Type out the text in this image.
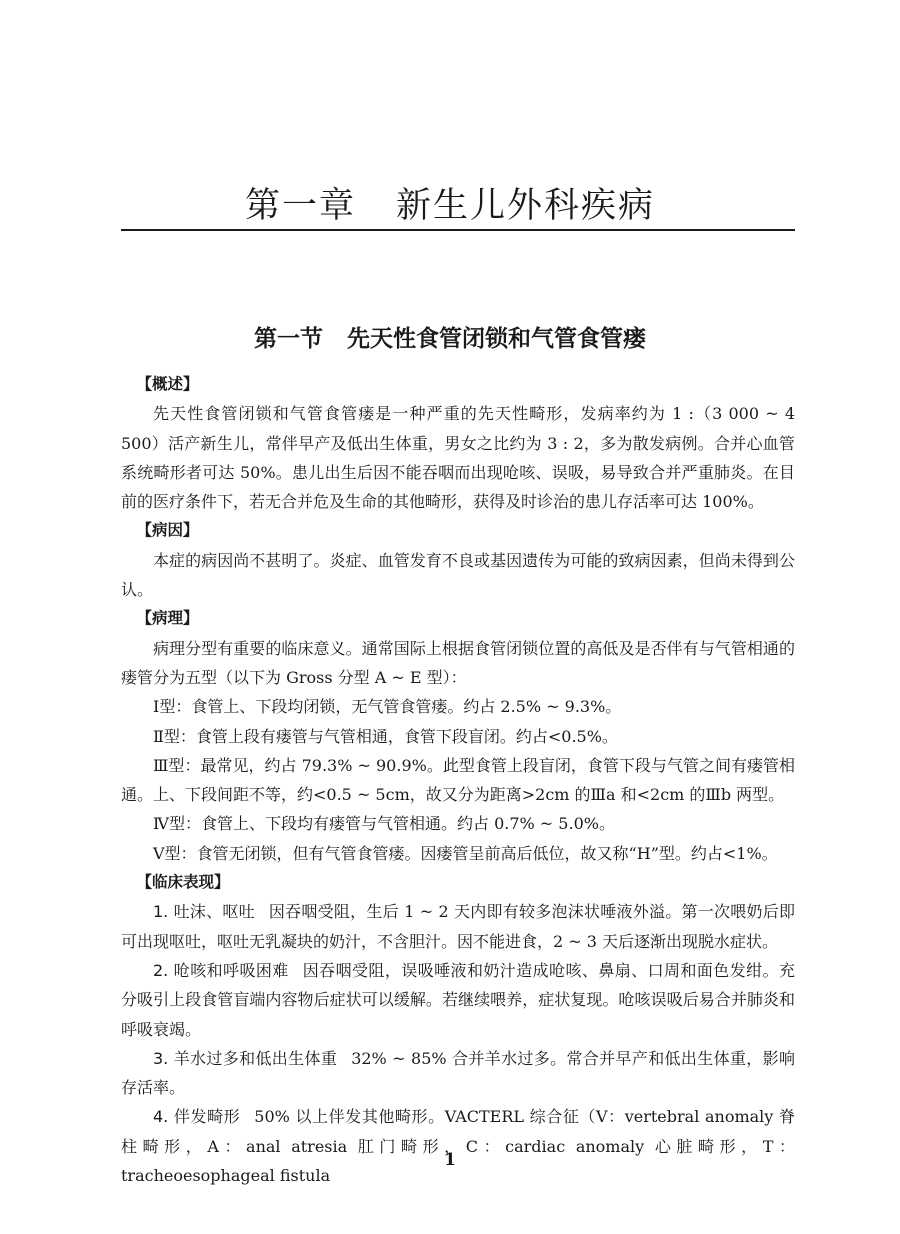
第一章 新生儿外科疾病
第一节 先天性食管闭锁和气管食管瘘
【概述】

先天性食管闭锁和气管食管瘘是一种严重的先天性畸形，发病率约为 1 :（3 000 ~ 4 500）活产新生儿，常伴早产及低出生体重，男女之比约为 3 : 2，多为散发病例。合并心血管系统畸形者可达 50%。患儿出生后因不能吞咽而出现呛咳、误吸，易导致合并严重肺炎。在目前的医疗条件下，若无合并危及生命的其他畸形，获得及时诊治的患儿存活率可达 100%。

【病因】

本症的病因尚不甚明了。炎症、血管发育不良或基因遗传为可能的致病因素，但尚未得到公认。

【病理】

病理分型有重要的临床意义。通常国际上根据食管闭锁位置的高低及是否伴有与气管相通的瘘管分为五型（以下为 Gross 分型 A ~ E 型）：

Ⅰ型：食管上、下段均闭锁，无气管食管瘘。约占 2.5% ~ 9.3%。

Ⅱ型：食管上段有瘘管与气管相通，食管下段盲闭。约占<0.5%。

Ⅲ型：最常见，约占 79.3% ~ 90.9%。此型食管上段盲闭，食管下段与气管之间有瘘管相通。上、下段间距不等，约<0.5 ~ 5cm，故又分为距离>2cm 的Ⅲa 和<2cm 的Ⅲb 两型。

Ⅳ型：食管上、下段均有瘘管与气管相通。约占 0.7% ~ 5.0%。

Ⅴ型：食管无闭锁，但有气管食管瘘。因瘘管呈前高后低位，故又称“H”型。约占<1%。

【临床表现】

1. 吐沫、呕吐 因吞咽受阻，生后 1 ~ 2 天内即有较多泡沫状唾液外溢。第一次喂奶后即可出现呕吐，呕吐无乳凝块的奶汁，不含胆汁。因不能进食，2 ~ 3 天后逐渐出现脱水症状。

2. 呛咳和呼吸困难 因吞咽受阻，误吸唾液和奶汁造成呛咳、鼻扇、口周和面色发绀。充分吸引上段食管盲端内容物后症状可以缓解。若继续喂养，症状复现。呛咳误吸后易合并肺炎和呼吸衰竭。

3. 羊水过多和低出生体重 32% ~ 85% 合并羊水过多。常合并早产和低出生体重，影响存活率。

4. 伴发畸形 50% 以上伴发其他畸形。VACTERL 综合征（V：vertebral anomaly 脊柱畸形，A：anal atresia 肛门畸形，C：cardiac anomaly 心脏畸形，T：tracheoesophageal fistula

1
